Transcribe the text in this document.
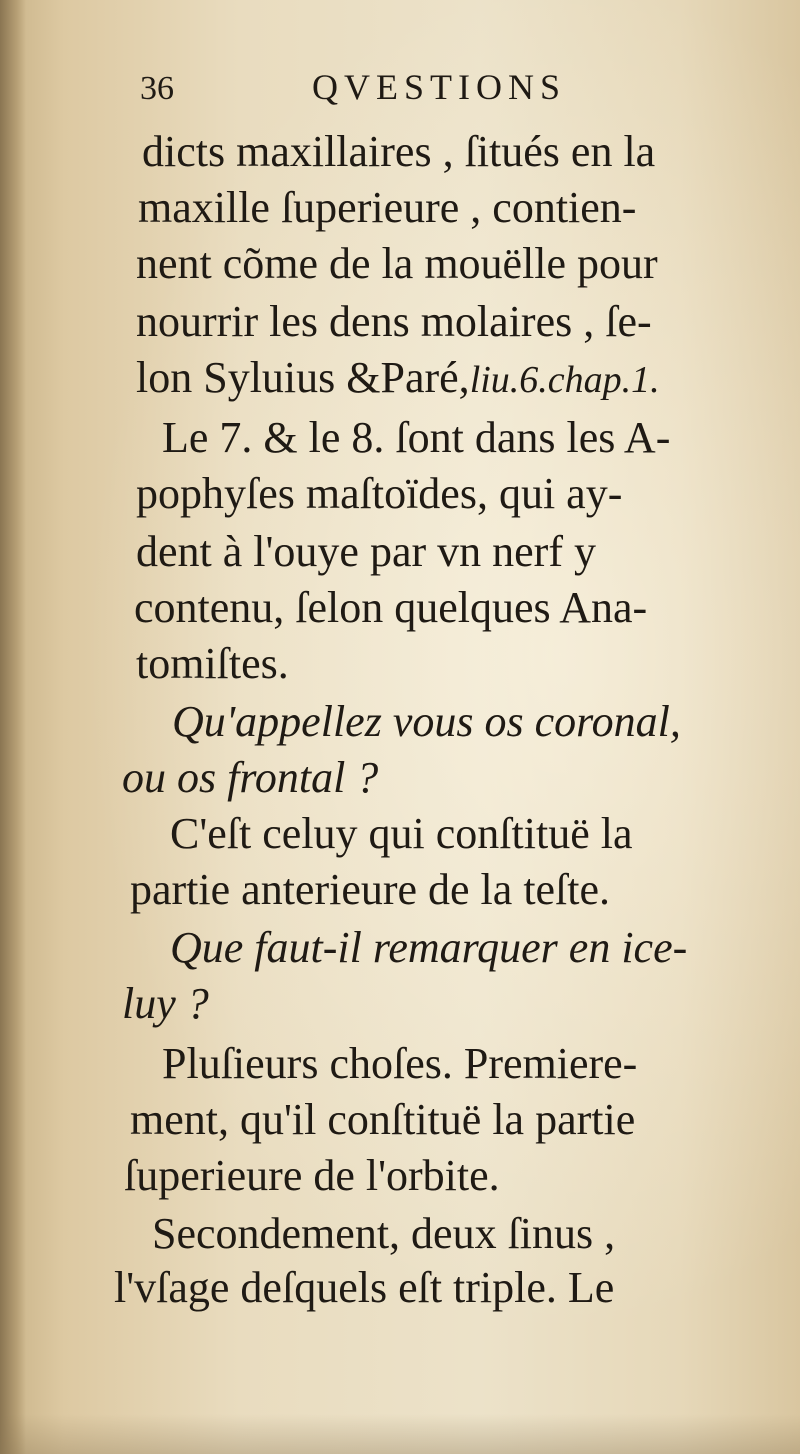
36	QVESTIONS
dicts maxillaires , ſitués en la
maxille ſuperieure , contien-
nent cõme de la mouëlle pour
nourrir les dens molaires , ſe-
lon Syluius &Paré,liu.6.chap.1.
Le 7. & le 8. ſont dans les A-
pophyſes maſtoïdes, qui ay-
dent à l'ouye par vn nerf y
contenu, ſelon quelques Ana-
tomiſtes.
Qu'appellez vous os coronal,
ou os frontal ?
C'eſt celuy qui conſtituë la
partie anterieure de la teſte.
Que faut-il remarquer en ice-
luy ?
Pluſieurs choſes. Premiere-
ment, qu'il conſtituë la partie
ſuperieure de l'orbite.
Secondement, deux ſinus ,
l'vſage deſquels eſt triple. Le
